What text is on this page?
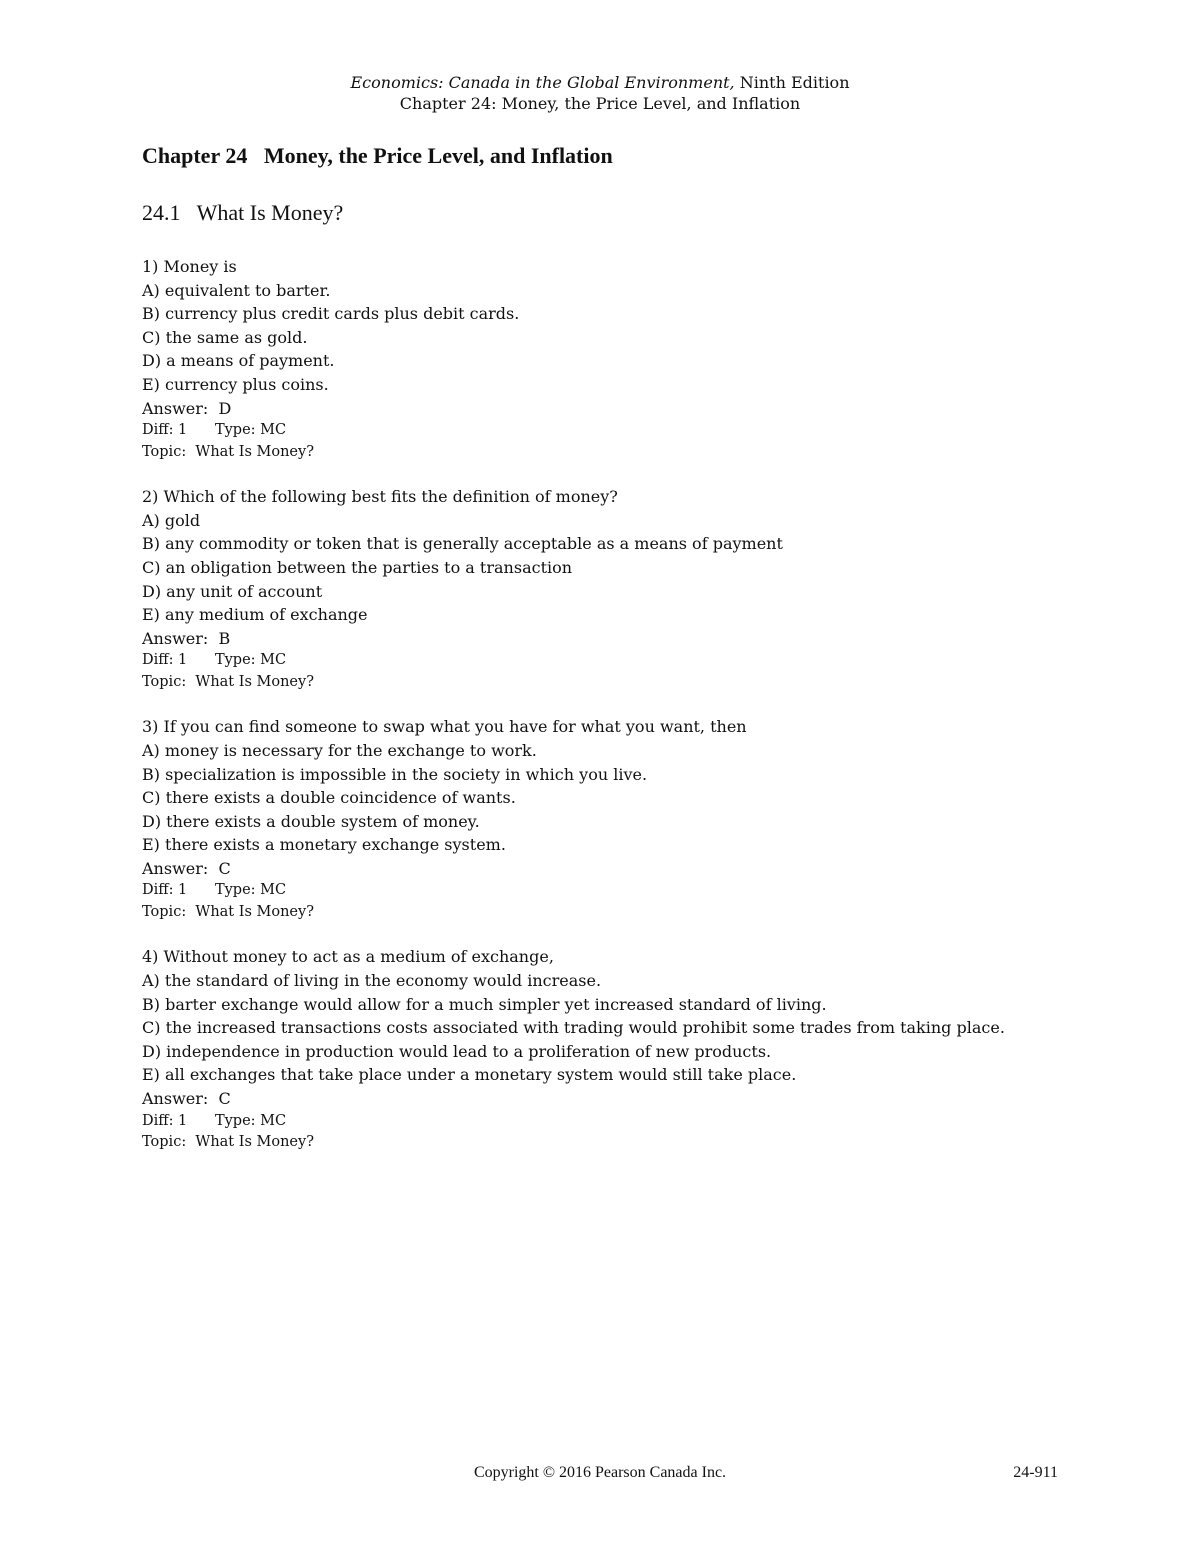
Economics: Canada in the Global Environment, Ninth Edition
Chapter 24: Money, the Price Level, and Inflation
Chapter 24   Money, the Price Level, and Inflation
24.1   What Is Money?
1) Money is
A) equivalent to barter.
B) currency plus credit cards plus debit cards.
C) the same as gold.
D) a means of payment.
E) currency plus coins.
Answer:  D
Diff: 1      Type: MC
Topic:  What Is Money?
2) Which of the following best fits the definition of money?
A) gold
B) any commodity or token that is generally acceptable as a means of payment
C) an obligation between the parties to a transaction
D) any unit of account
E) any medium of exchange
Answer:  B
Diff: 1      Type: MC
Topic:  What Is Money?
3) If you can find someone to swap what you have for what you want, then
A) money is necessary for the exchange to work.
B) specialization is impossible in the society in which you live.
C) there exists a double coincidence of wants.
D) there exists a double system of money.
E) there exists a monetary exchange system.
Answer:  C
Diff: 1      Type: MC
Topic:  What Is Money?
4) Without money to act as a medium of exchange,
A) the standard of living in the economy would increase.
B) barter exchange would allow for a much simpler yet increased standard of living.
C) the increased transactions costs associated with trading would prohibit some trades from taking place.
D) independence in production would lead to a proliferation of new products.
E) all exchanges that take place under a monetary system would still take place.
Answer:  C
Diff: 1      Type: MC
Topic:  What Is Money?
Copyright © 2016 Pearson Canada Inc.	24-911
